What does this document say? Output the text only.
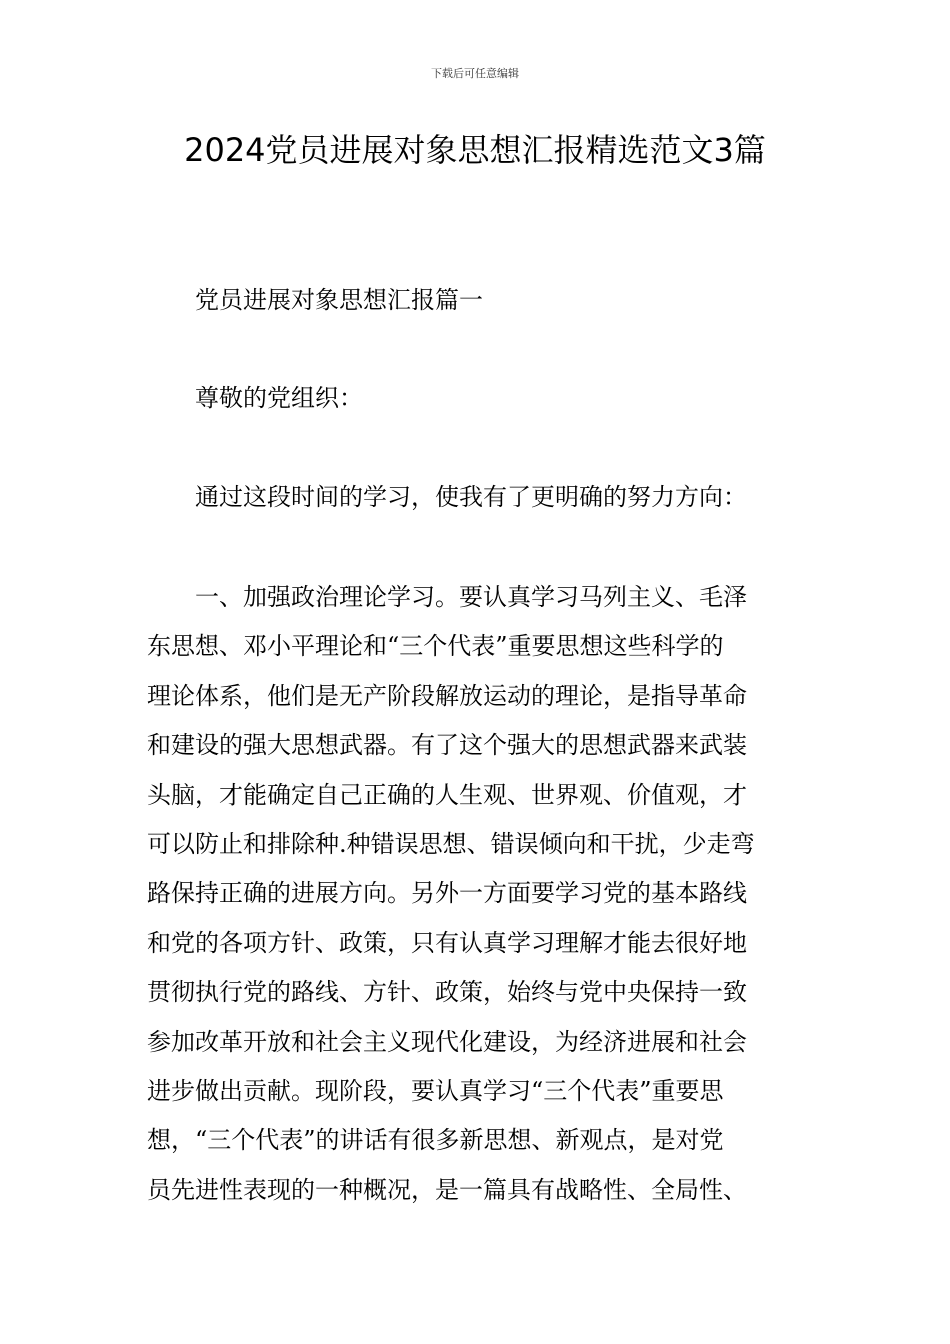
下载后可任意编辑
2024党员进展对象思想汇报精选范文3篇
党员进展对象思想汇报篇一
尊敬的党组织：
通过这段时间的学习，使我有了更明确的努力方向：
一、加强政治理论学习。要认真学习马列主义、毛泽
东思想、邓小平理论和“三个代表”重要思想这些科学的
理论体系，他们是无产阶段解放运动的理论，是指导革命
和建设的强大思想武器。有了这个强大的思想武器来武装
头脑，才能确定自己正确的人生观、世界观、价值观，才
可以防止和排除种.种错误思想、错误倾向和干扰，少走弯
路保持正确的进展方向。另外一方面要学习党的基本路线
和党的各项方针、政策，只有认真学习理解才能去很好地
贯彻执行党的路线、方针、政策，始终与党中央保持一致
参加改革开放和社会主义现代化建设，为经济进展和社会
进步做出贡献。现阶段，要认真学习“三个代表”重要思
想，“三个代表”的讲话有很多新思想、新观点，是对党
员先进性表现的一种概况，是一篇具有战略性、全局性、
